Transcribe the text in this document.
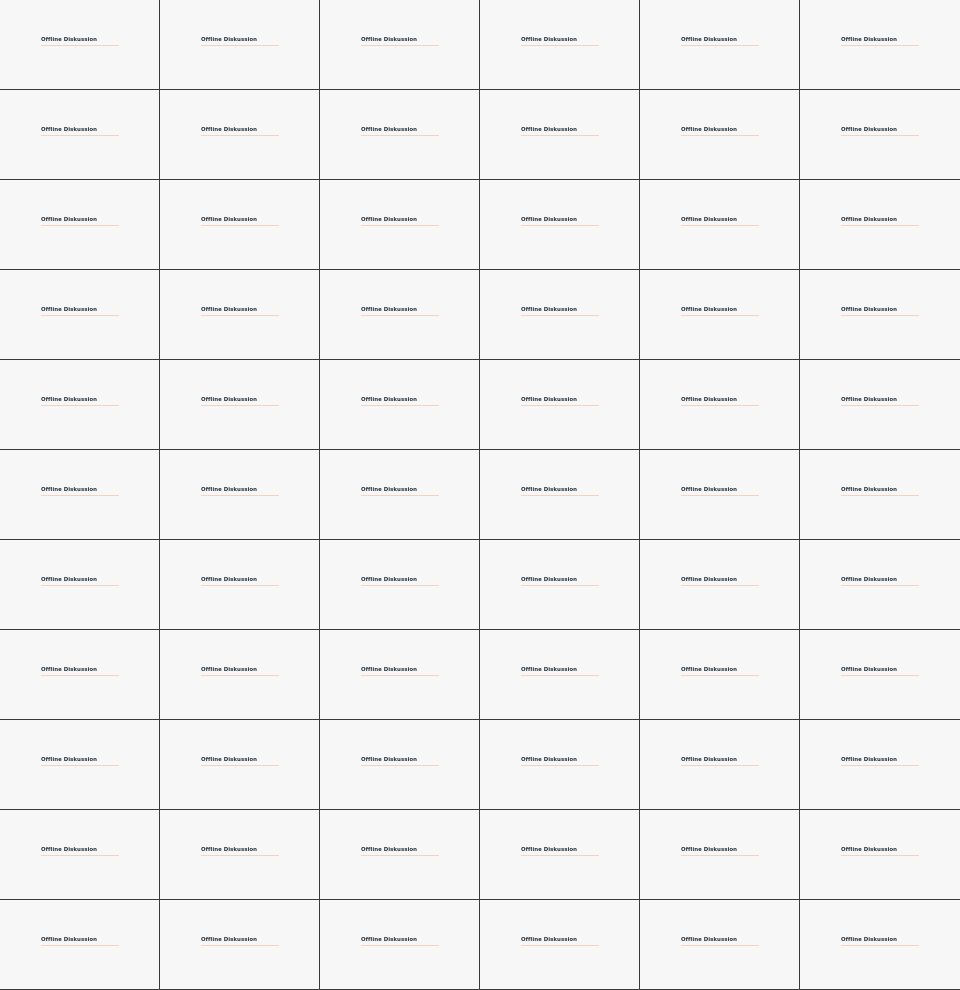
Offline Diskussion	Offline Diskussion	Offline Diskussion	Offline Diskussion	Offline Diskussion	Offline Diskussion
Offline Diskussion	Offline Diskussion	Offline Diskussion	Offline Diskussion	Offline Diskussion	Offline Diskussion
Offline Diskussion	Offline Diskussion	Offline Diskussion	Offline Diskussion	Offline Diskussion	Offline Diskussion
Offline Diskussion	Offline Diskussion	Offline Diskussion	Offline Diskussion	Offline Diskussion	Offline Diskussion
Offline Diskussion	Offline Diskussion	Offline Diskussion	Offline Diskussion	Offline Diskussion	Offline Diskussion
Offline Diskussion	Offline Diskussion	Offline Diskussion	Offline Diskussion	Offline Diskussion	Offline Diskussion
Offline Diskussion	Offline Diskussion	Offline Diskussion	Offline Diskussion	Offline Diskussion	Offline Diskussion
Offline Diskussion	Offline Diskussion	Offline Diskussion	Offline Diskussion	Offline Diskussion	Offline Diskussion
Offline Diskussion	Offline Diskussion	Offline Diskussion	Offline Diskussion	Offline Diskussion	Offline Diskussion
Offline Diskussion	Offline Diskussion	Offline Diskussion	Offline Diskussion	Offline Diskussion	Offline Diskussion
Offline Diskussion	Offline Diskussion	Offline Diskussion	Offline Diskussion	Offline Diskussion	Offline Diskussion
